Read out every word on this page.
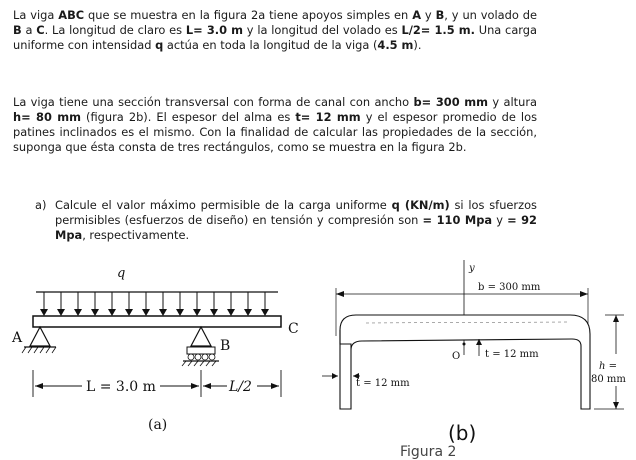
La viga ABC que se muestra en la figura 2a tiene apoyos simples en A y B, y un volado de B a C. La longitud de claro es L= 3.0 m y la longitud del volado es L/2= 1.5 m. Una carga uniforme con intensidad q actúa en toda la longitud de la viga (4.5 m).

La viga tiene una sección transversal con forma de canal con ancho b= 300 mm y altura h= 80 mm (figura 2b). El espesor del alma es t= 12 mm y el espesor promedio de los patines inclinados es el mismo. Con la finalidad de calcular las propiedades de la sección, suponga que ésta consta de tres rectángulos, como se muestra en la figura 2b.

a) Calcule el valor máximo permisible de la carga uniforme q (KN/m) si los sfuerzos permisibles (esfuerzos de diseño) en tensión y compresión son = 110 Mpa y = 92 Mpa, respectivamente.
q
A	B
C
L = 3.0 m	L/2
(a)
y
b = 300 mm
O t = 12 mm
t = 12 mm
h =
80 mm
(b)
Figura 2
